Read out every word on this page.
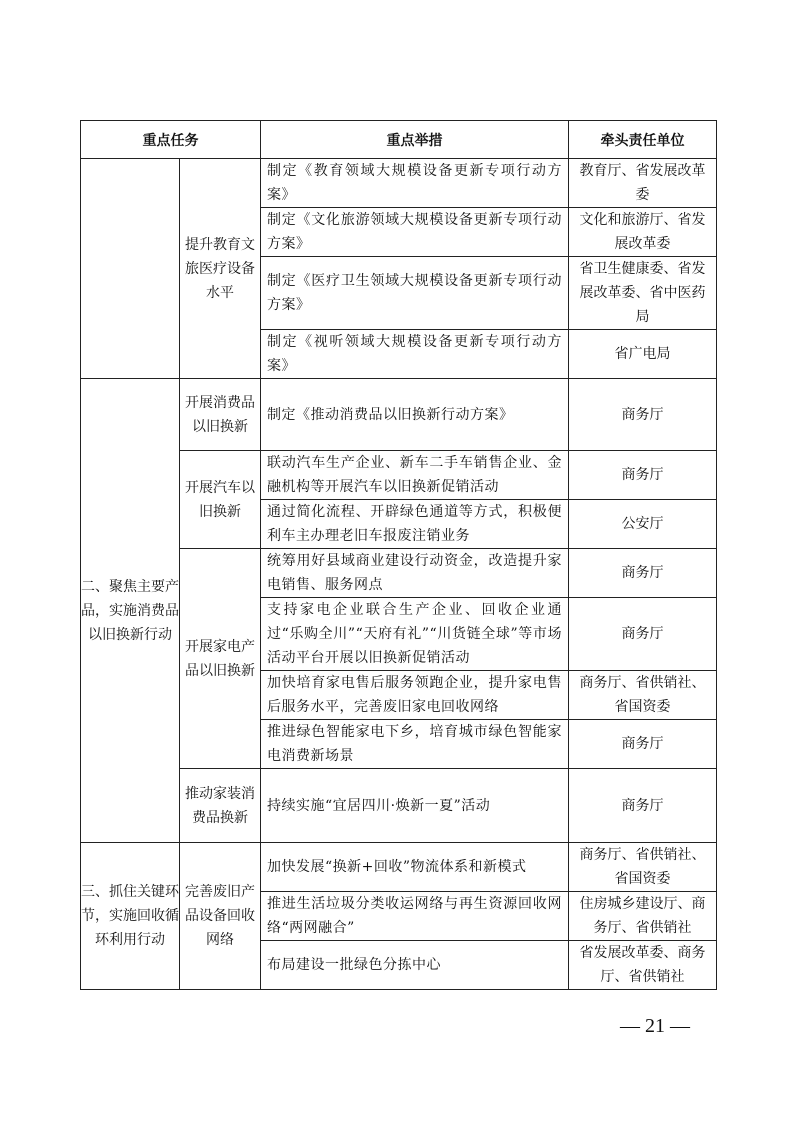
重点任务		重点举措	牵头责任单位
	提升教育文旅医疗设备水平	制定《教育领域大规模设备更新专项行动方案》	教育厅、省发展改革委
		制定《文化旅游领域大规模设备更新专项行动方案》	文化和旅游厅、省发展改革委
		制定《医疗卫生领域大规模设备更新专项行动方案》	省卫生健康委、省发展改革委、省中医药局
		制定《视听领域大规模设备更新专项行动方案》	省广电局
二、聚焦主要产品，实施消费品以旧换新行动	开展消费品以旧换新	制定《推动消费品以旧换新行动方案》	商务厅
	开展汽车以旧换新	联动汽车生产企业、新车二手车销售企业、金融机构等开展汽车以旧换新促销活动	商务厅
		通过简化流程、开辟绿色通道等方式，积极便利车主办理老旧车报废注销业务	公安厅
	开展家电产品以旧换新	统筹用好县域商业建设行动资金，改造提升家电销售、服务网点	商务厅
		支持家电企业联合生产企业、回收企业通过“乐购全川”“天府有礼”“川货链全球”等市场活动平台开展以旧换新促销活动	商务厅
		加快培育家电售后服务领跑企业，提升家电售后服务水平，完善废旧家电回收网络	商务厅、省供销社、省国资委
		推进绿色智能家电下乡，培育城市绿色智能家电消费新场景	商务厅
	推动家装消费品换新	持续实施“宜居四川·焕新一夏”活动	商务厅
三、抓住关键环节，实施回收循环利用行动	完善废旧产品设备回收网络	加快发展“换新+回收”物流体系和新模式	商务厅、省供销社、省国资委
		推进生活垃圾分类收运网络与再生资源回收网络“两网融合”	住房城乡建设厅、商务厅、省供销社
		布局建设一批绿色分拣中心	省发展改革委、商务厅、省供销社
— 21 —
